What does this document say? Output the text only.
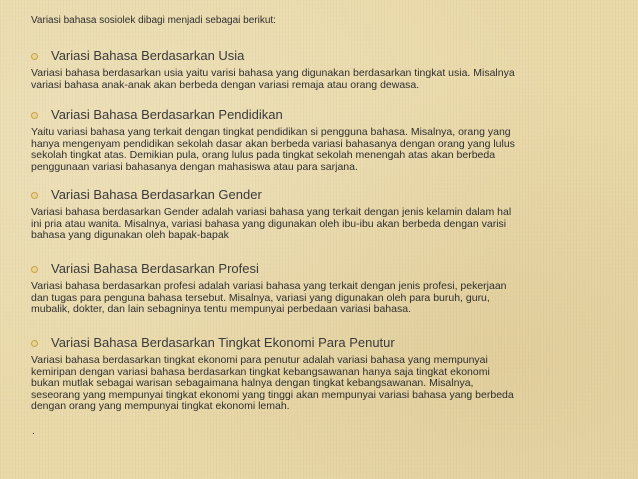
Variasi bahasa sosiolek dibagi menjadi sebagai berikut:
Variasi Bahasa Berdasarkan Usia
Variasi bahasa berdasarkan usia yaitu varisi bahasa yang digunakan berdasarkan tingkat usia. Misalnya
variasi bahasa anak-anak akan berbeda dengan variasi remaja atau orang dewasa.
Variasi Bahasa Berdasarkan Pendidikan
Yaitu variasi bahasa yang terkait dengan tingkat pendidikan si pengguna bahasa. Misalnya, orang yang
hanya mengenyam pendidikan sekolah dasar akan berbeda variasi bahasanya dengan orang yang lulus
sekolah tingkat atas. Demikian pula, orang lulus pada tingkat sekolah menengah atas akan berbeda
penggunaan variasi bahasanya dengan mahasiswa atau para sarjana.
Variasi Bahasa Berdasarkan Gender
Variasi bahasa berdasarkan Gender adalah variasi bahasa yang terkait dengan jenis kelamin dalam hal
ini pria atau wanita. Misalnya, variasi bahasa yang digunakan oleh ibu-ibu akan berbeda dengan varisi
bahasa yang digunakan oleh bapak-bapak
Variasi Bahasa Berdasarkan Profesi
Variasi bahasa berdasarkan profesi adalah variasi bahasa yang terkait dengan jenis profesi, pekerjaan
dan tugas para penguna bahasa tersebut. Misalnya, variasi yang digunakan oleh para buruh, guru,
mubalik, dokter, dan lain sebagninya tentu mempunyai perbedaan variasi bahasa.
Variasi Bahasa Berdasarkan Tingkat Ekonomi Para Penutur
Variasi bahasa berdasarkan tingkat ekonomi para penutur adalah variasi bahasa yang mempunyai
kemiripan dengan variasi bahasa berdasarkan tingkat kebangsawanan hanya saja tingkat ekonomi
bukan mutlak sebagai warisan sebagaimana halnya dengan tingkat kebangsawanan. Misalnya,
seseorang yang mempunyai tingkat ekonomi yang tinggi akan mempunyai variasi bahasa yang berbeda
dengan orang yang mempunyai tingkat ekonomi lemah.
.
